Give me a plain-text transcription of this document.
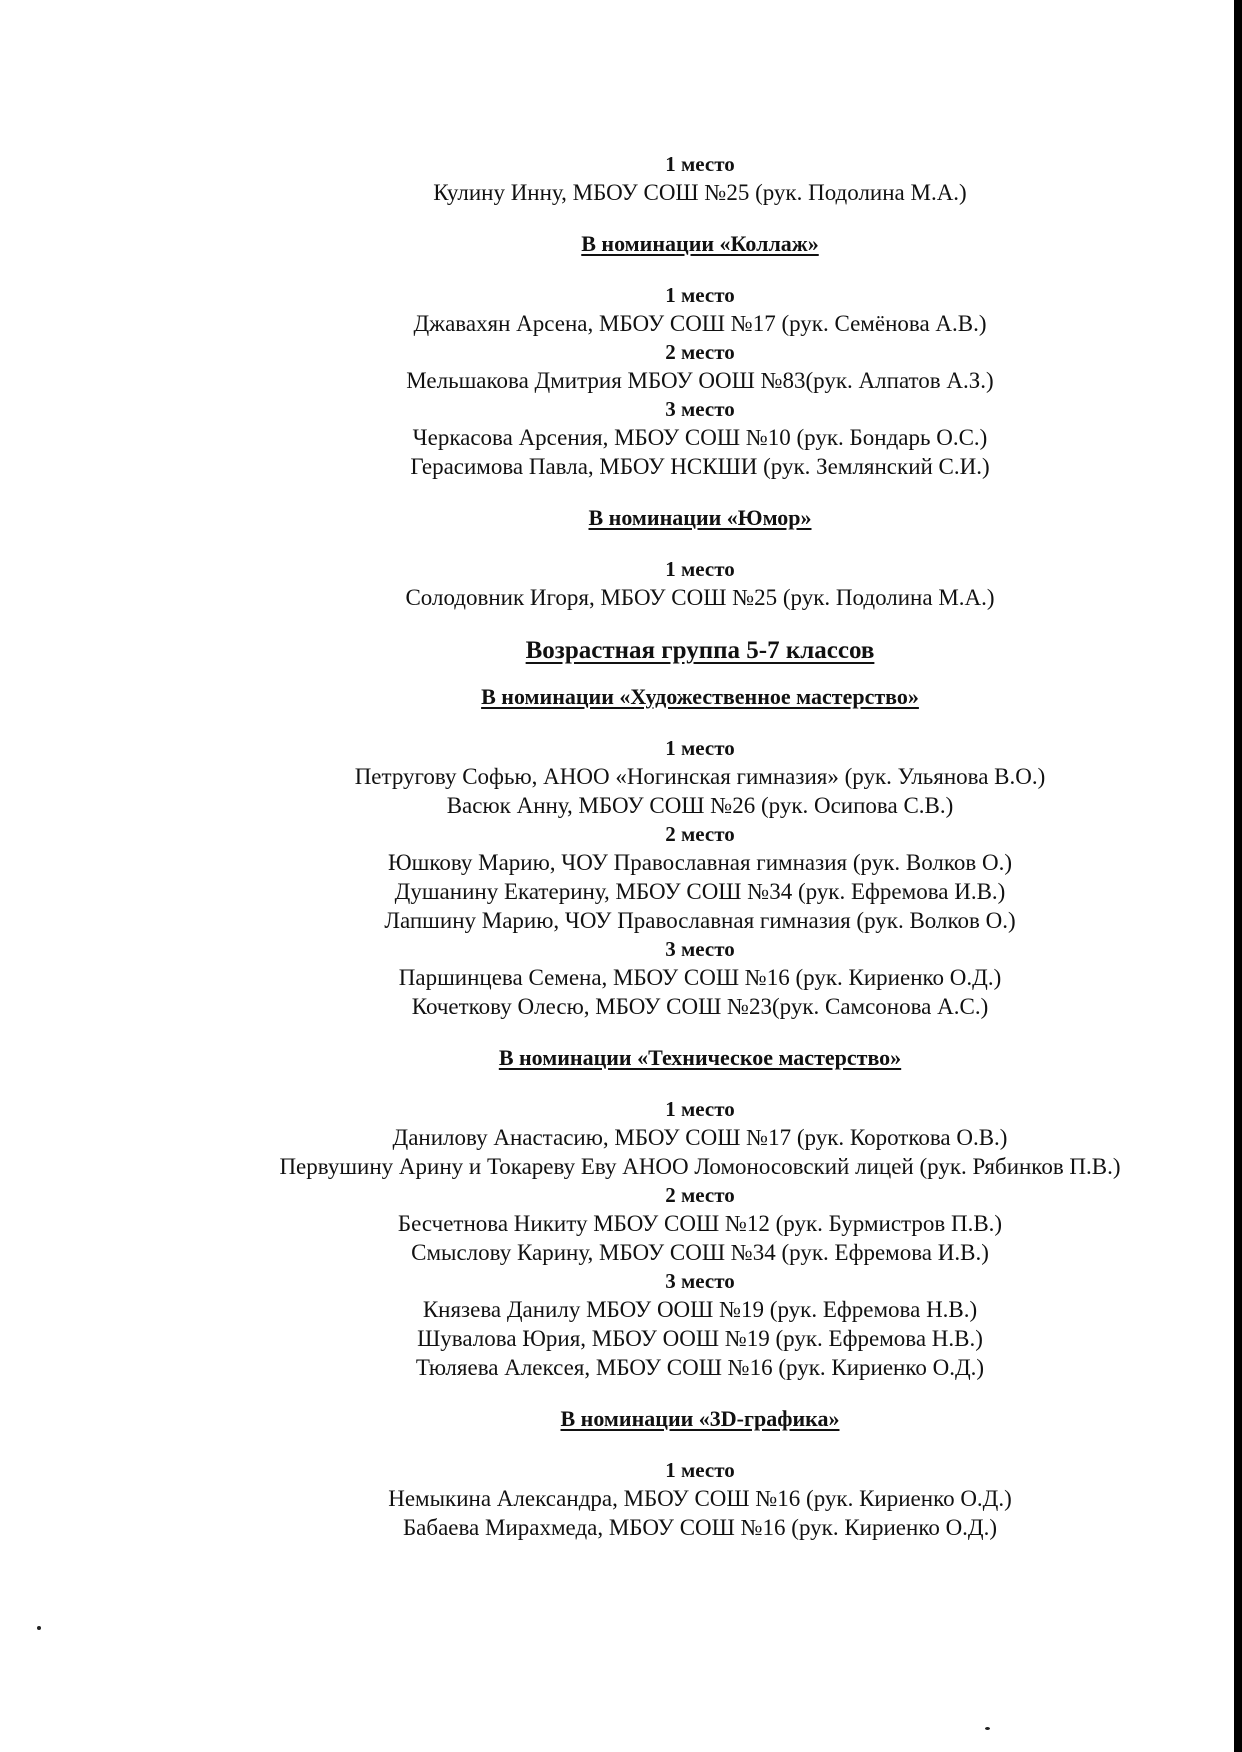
1 место
Кулину Инну, МБОУ СОШ №25 (рук. Подолина М.А.)
В номинации «Коллаж»
1 место
Джавахян Арсена, МБОУ СОШ №17 (рук. Семёнова А.В.)
2 место
Мельшакова Дмитрия МБОУ ООШ №83(рук. Алпатов А.З.)
3 место
Черкасова Арсения, МБОУ СОШ №10 (рук. Бондарь О.С.)
Герасимова Павла, МБОУ НСКШИ (рук. Землянский С.И.)
В номинации «Юмор»
1 место
Солодовник Игоря, МБОУ СОШ №25 (рук. Подолина М.А.)
Возрастная группа 5-7 классов
В номинации «Художественное мастерство»
1 место
Петругову Софью, АНОО «Ногинская гимназия» (рук. Ульянова В.О.)
Васюк Анну, МБОУ СОШ №26 (рук. Осипова С.В.)
2 место
Юшкову Марию, ЧОУ Православная гимназия (рук. Волков О.)
Душанину Екатерину, МБОУ СОШ №34 (рук. Ефремова И.В.)
Лапшину Марию, ЧОУ Православная гимназия (рук. Волков О.)
3 место
Паршинцева Семена, МБОУ СОШ №16 (рук. Кириенко О.Д.)
Кочеткову Олесю, МБОУ СОШ №23(рук. Самсонова А.С.)
В номинации «Техническое мастерство»
1 место
Данилову Анастасию, МБОУ СОШ №17 (рук. Короткова О.В.)
Первушину Арину и Токареву Еву АНОО Ломоносовский лицей (рук. Рябинков П.В.)
2 место
Бесчетнова Никиту МБОУ СОШ №12 (рук. Бурмистров П.В.)
Смыслову Карину, МБОУ СОШ №34 (рук. Ефремова И.В.)
3 место
Князева Данилу МБОУ ООШ №19 (рук. Ефремова Н.В.)
Шувалова Юрия, МБОУ ООШ №19 (рук. Ефремова Н.В.)
Тюляева Алексея, МБОУ СОШ №16 (рук. Кириенко О.Д.)
В номинации «3D-графика»
1 место
Немыкина Александра, МБОУ СОШ №16 (рук. Кириенко О.Д.)
Бабаева Мирахмеда, МБОУ СОШ №16 (рук. Кириенко О.Д.)
